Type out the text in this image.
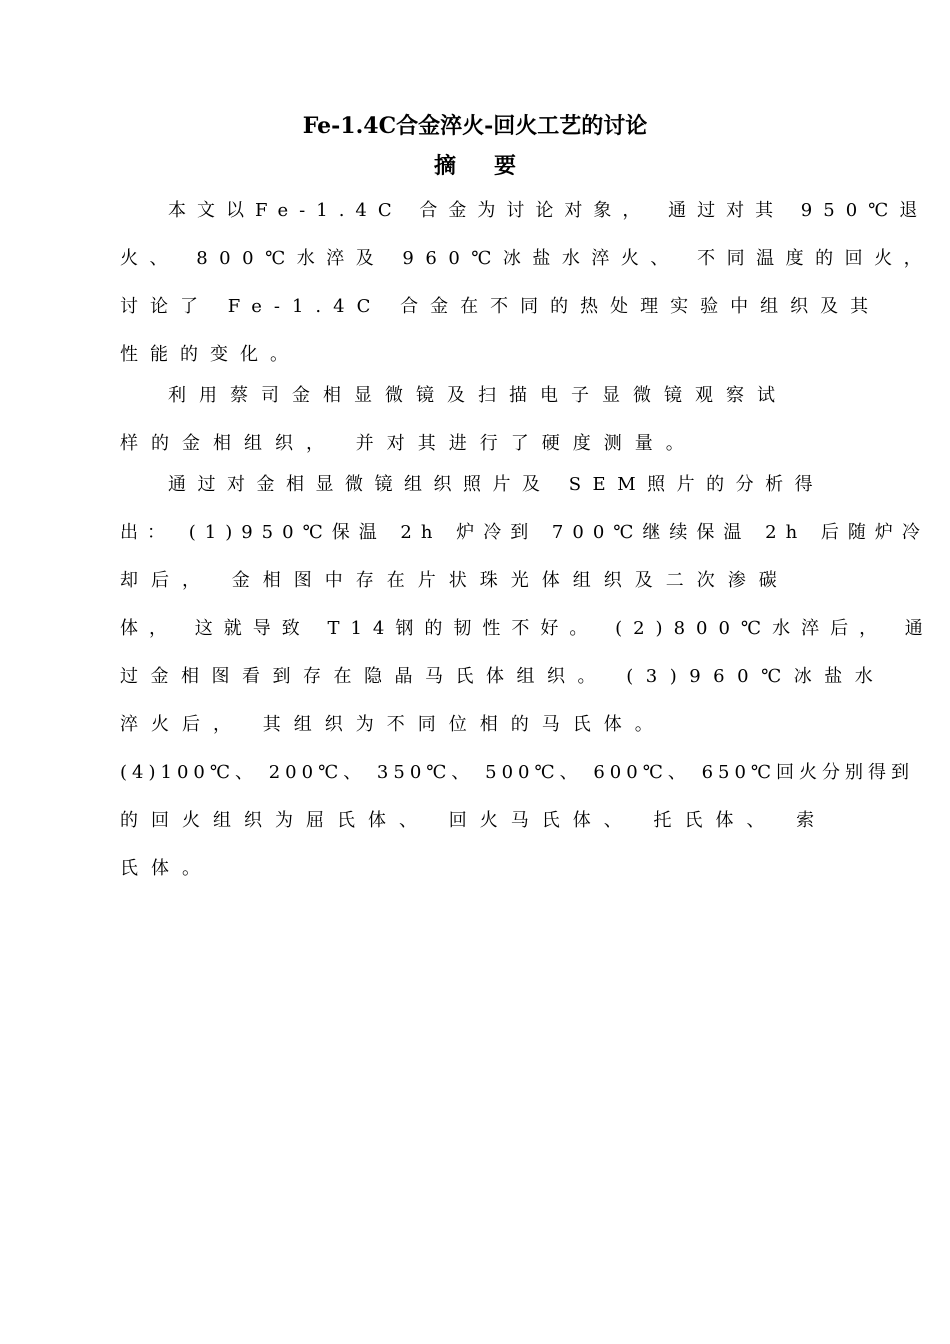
Fe-1.4C合金淬火-回火工艺的讨论
摘要
本文以Fe-1.4C 合金为讨论对象， 通过对其 950℃退
火、 800℃水淬及 960℃冰盐水淬火、 不同温度的回火，
讨论了 Fe-1.4C 合金在不同的热处理实验中组织及其
性能的变化。
利用蔡司金相显微镜及扫描电子显微镜观察试
样的金相组织， 并对其进行了硬度测量。
通过对金相显微镜组织照片及 SEM照片的分析得
出： (1)950℃保温 2h 炉冷到 700℃继续保温 2h 后随炉冷
却后， 金相图中存在片状珠光体组织及二次渗碳
体， 这就导致 T14钢的韧性不好。 (2)800℃水淬后， 通
过金相图看到存在隐晶马氏体组织。 (3)960℃冰盐水
淬火后， 其组织为不同位相的马氏体。
(4)100℃、 200℃、 350℃、 500℃、 600℃、 650℃回火分别得到
的回火组织为屈氏体、 回火马氏体、 托氏体、 索
氏体。
